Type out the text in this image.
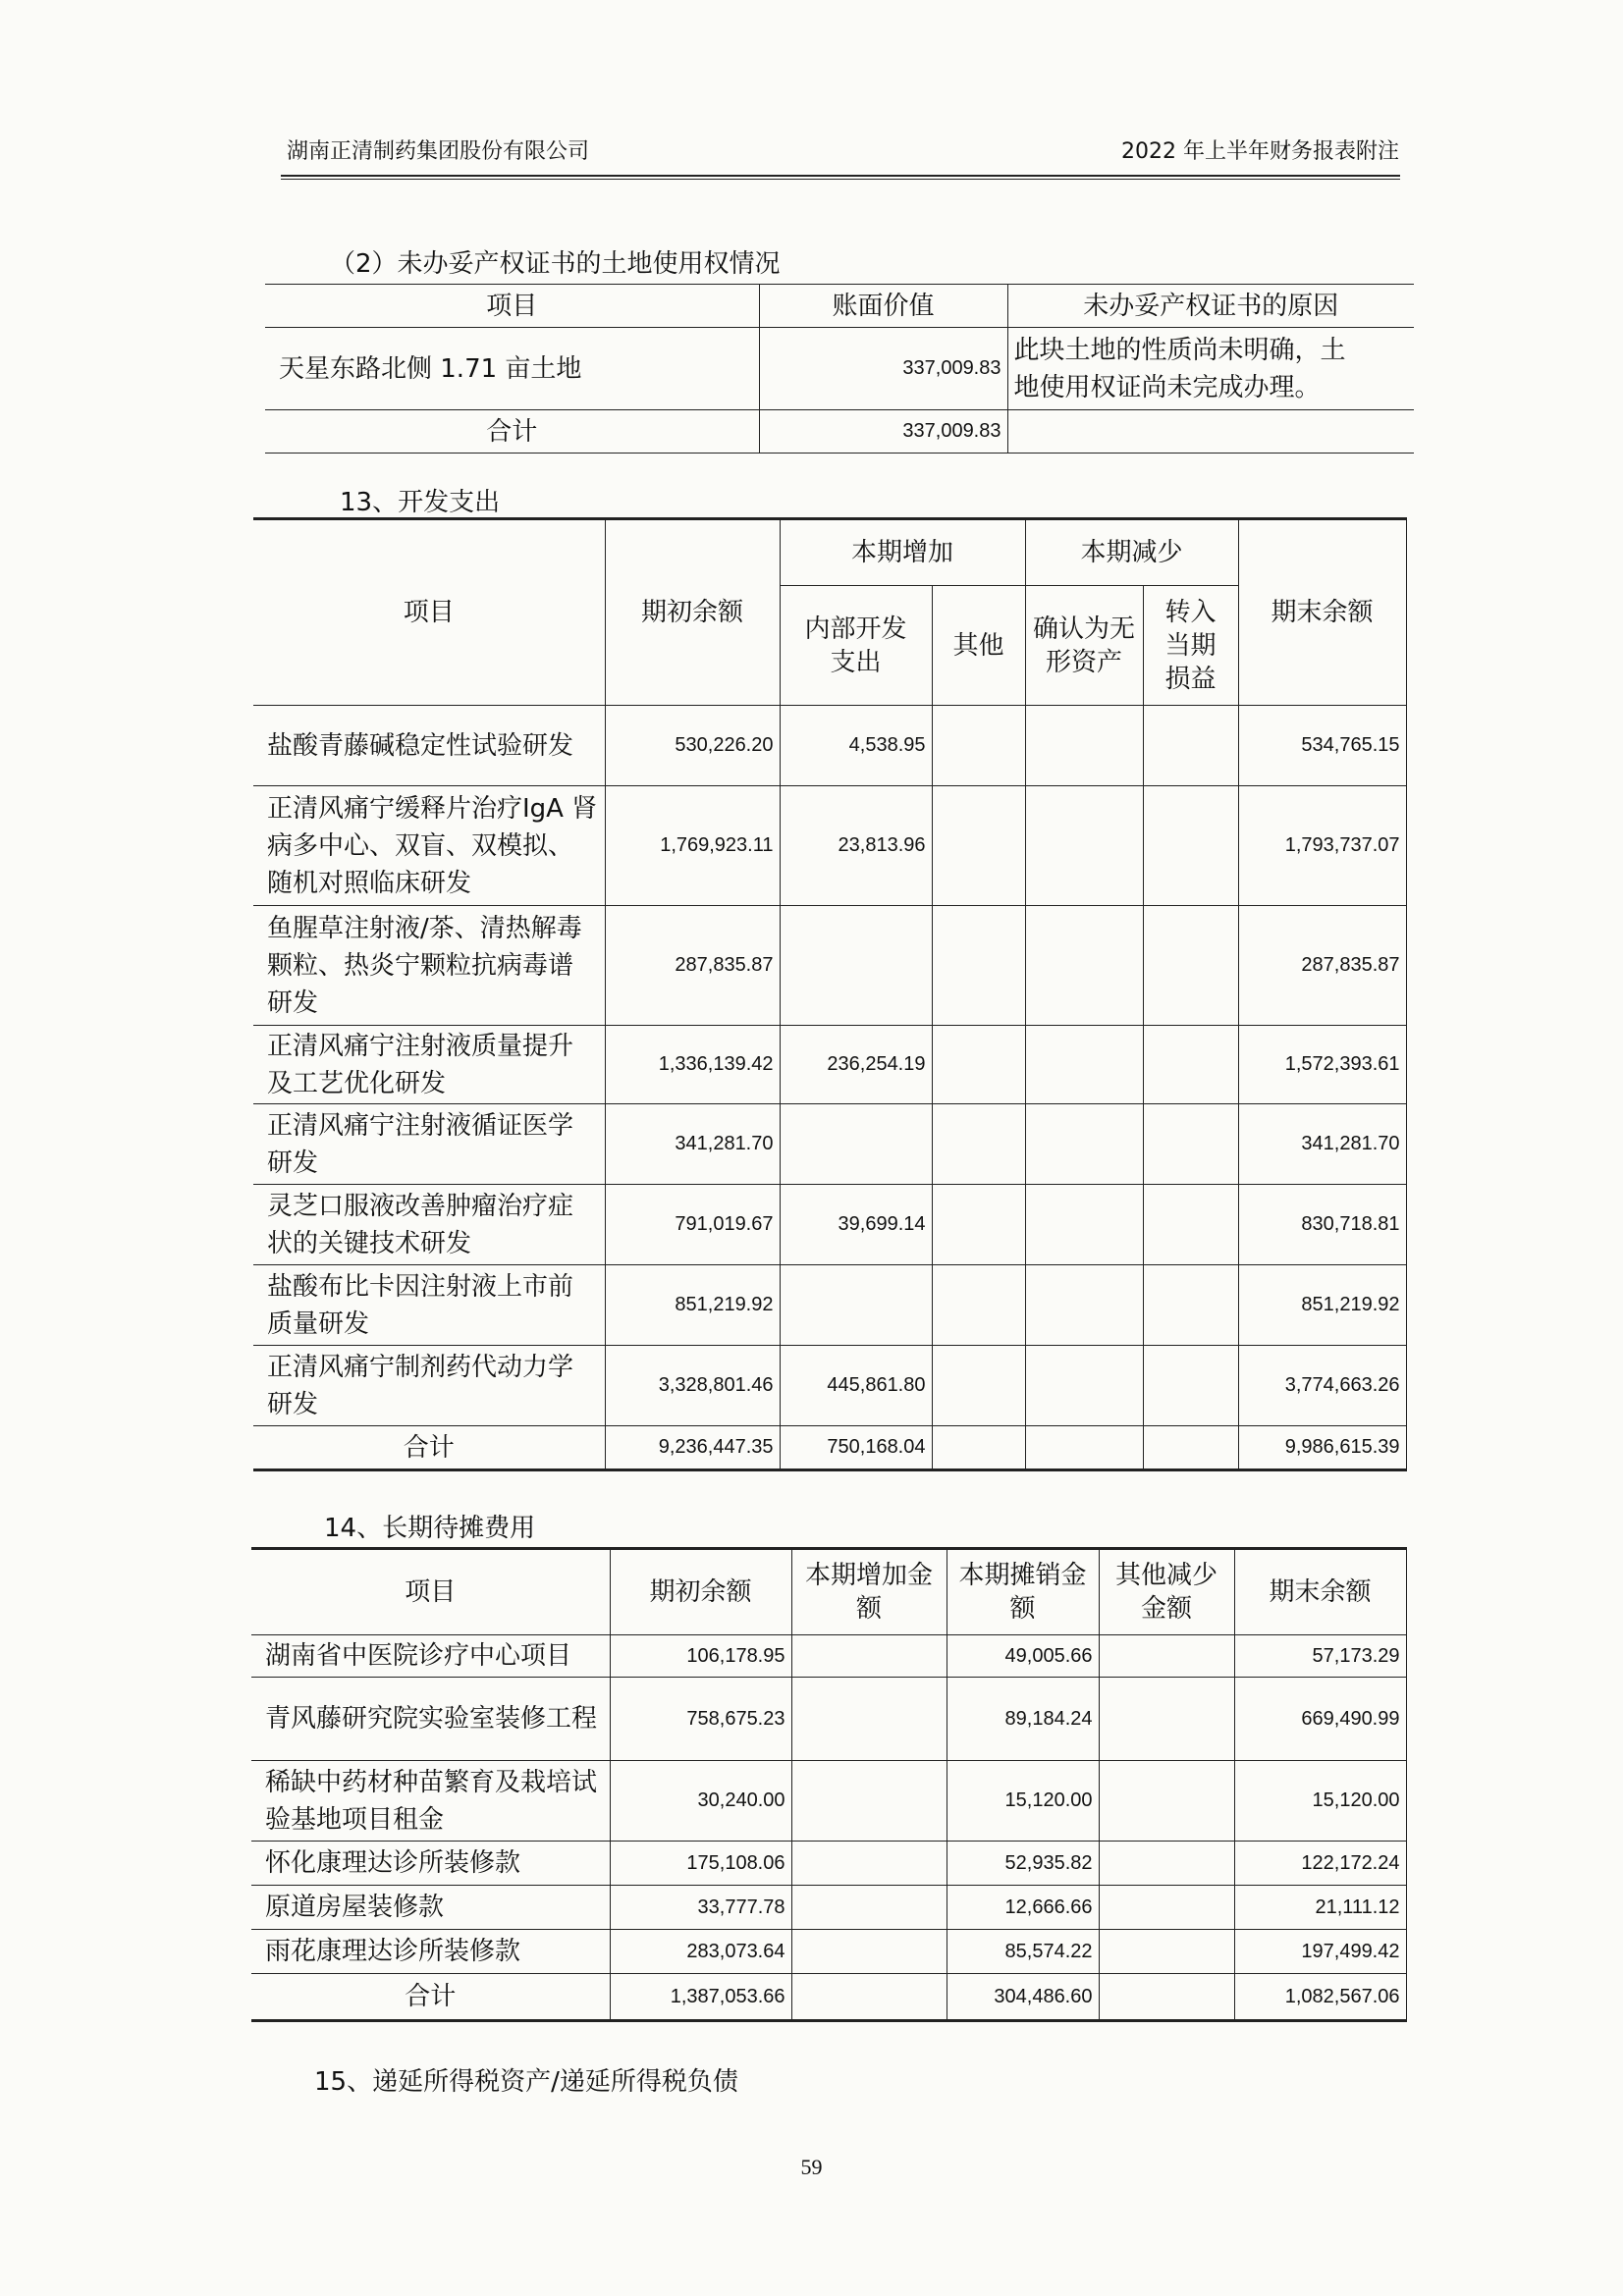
湖南正清制药集团股份有限公司	2022 年上半年财务报表附注
（2）未办妥产权证书的土地使用权情况
项目	账面价值	未办妥产权证书的原因
天星东路北侧 1.71 亩土地	337,009.83	此块土地的性质尚未明确，土
地使用权证尚未完成办理。

合计	337,009.83	
13、开发支出
项目	期初余额	本期增加		本期减少		期末余额
		内部开发支出	其他	确认为无形资产	转入当期损益	
盐酸青藤碱稳定性试验研发	530,226.20	4,538.95				534,765.15
正清风痛宁缓释片治疗IgA 肾病多中心、双盲、双模拟、随机对照临床研发	1,769,923.11	23,813.96				1,793,737.07
鱼腥草注射液/茶、清热解毒颗粒、热炎宁颗粒抗病毒谱研发	287,835.87					287,835.87
正清风痛宁注射液质量提升及工艺优化研发	1,336,139.42	236,254.19				1,572,393.61
正清风痛宁注射液循证医学研发	341,281.70					341,281.70
灵芝口服液改善肿瘤治疗症状的关键技术研发	791,019.67	39,699.14				830,718.81
盐酸布比卡因注射液上市前质量研发	851,219.92					851,219.92
正清风痛宁制剂药代动力学研发	3,328,801.46	445,861.80				3,774,663.26
合计	9,236,447.35	750,168.04				9,986,615.39
14、长期待摊费用
项目	期初余额	本期增加金额	本期摊销金额	其他减少金额	期末余额
湖南省中医院诊疗中心项目	106,178.95		49,005.66		57,173.29
青风藤研究院实验室装修工程	758,675.23		89,184.24		669,490.99
稀缺中药材种苗繁育及栽培试验基地项目租金	30,240.00		15,120.00		15,120.00
怀化康理达诊所装修款	175,108.06		52,935.82		122,172.24
原道房屋装修款	33,777.78		12,666.66		21,111.12
雨花康理达诊所装修款	283,073.64		85,574.22		197,499.42
合计	1,387,053.66		304,486.60		1,082,567.06
15、递延所得税资产/递延所得税负债
59
